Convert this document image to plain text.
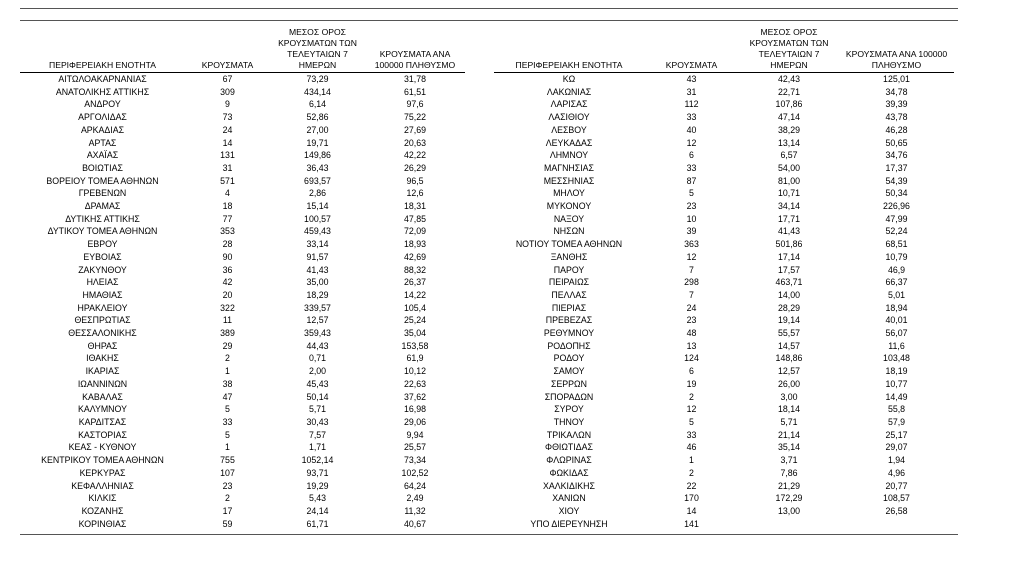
ΠΕΡΙΦΕΡΕΙΑΚΗ ΕΝΟΤΗΤΑ	ΚΡΟΥΣΜΑΤΑ	ΜΕΣΟΣ ΟΡΟΣ ΚΡΟΥΣΜΑΤΩΝ ΤΩΝ ΤΕΛΕΥΤΑΙΩΝ 7 ΗΜΕΡΩΝ	ΚΡΟΥΣΜΑΤΑ ΑΝΑ 100000 ΠΛΗΘΥΣΜΟ
ΑΙΤΩΛΟΑΚΑΡΝΑΝΙΑΣ	67	73,29	31,78
ΑΝΑΤΟΛΙΚΗΣ ΑΤΤΙΚΗΣ	309	434,14	61,51
ΑΝΔΡΟΥ	9	6,14	97,6
ΑΡΓΟΛΙΔΑΣ	73	52,86	75,22
ΑΡΚΑΔΙΑΣ	24	27,00	27,69
ΑΡΤΑΣ	14	19,71	20,63
ΑΧΑΪΑΣ	131	149,86	42,22
ΒΟΙΩΤΙΑΣ	31	36,43	26,29
ΒΟΡΕΙΟΥ ΤΟΜΕΑ ΑΘΗΝΩΝ	571	693,57	96,5
ΓΡΕΒΕΝΩΝ	4	2,86	12,6
ΔΡΑΜΑΣ	18	15,14	18,31
ΔΥΤΙΚΗΣ ΑΤΤΙΚΗΣ	77	100,57	47,85
ΔΥΤΙΚΟΥ ΤΟΜΕΑ ΑΘΗΝΩΝ	353	459,43	72,09
ΕΒΡΟΥ	28	33,14	18,93
ΕΥΒΟΙΑΣ	90	91,57	42,69
ΖΑΚΥΝΘΟΥ	36	41,43	88,32
ΗΛΕΙΑΣ	42	35,00	26,37
ΗΜΑΘΙΑΣ	20	18,29	14,22
ΗΡΑΚΛΕΙΟΥ	322	339,57	105,4
ΘΕΣΠΡΩΤΙΑΣ	11	12,57	25,24
ΘΕΣΣΑΛΟΝΙΚΗΣ	389	359,43	35,04
ΘΗΡΑΣ	29	44,43	153,58
ΙΘΑΚΗΣ	2	0,71	61,9
ΙΚΑΡΙΑΣ	1	2,00	10,12
ΙΩΑΝΝΙΝΩΝ	38	45,43	22,63
ΚΑΒΑΛΑΣ	47	50,14	37,62
ΚΑΛΥΜΝΟΥ	5	5,71	16,98
ΚΑΡΔΙΤΣΑΣ	33	30,43	29,06
ΚΑΣΤΟΡΙΑΣ	5	7,57	9,94
ΚΕΑΣ - ΚΥΘΝΟΥ	1	1,71	25,57
ΚΕΝΤΡΙΚΟΥ ΤΟΜΕΑ ΑΘΗΝΩΝ	755	1052,14	73,34
ΚΕΡΚΥΡΑΣ	107	93,71	102,52
ΚΕΦΑΛΛΗΝΙΑΣ	23	19,29	64,24
ΚΙΛΚΙΣ	2	5,43	2,49
ΚΟΖΑΝΗΣ	17	24,14	11,32
ΚΟΡΙΝΘΙΑΣ	59	61,71	40,67
ΠΕΡΙΦΕΡΕΙΑΚΗ ΕΝΟΤΗΤΑ	ΚΡΟΥΣΜΑΤΑ	ΜΕΣΟΣ ΟΡΟΣ ΚΡΟΥΣΜΑΤΩΝ ΤΩΝ ΤΕΛΕΥΤΑΙΩΝ 7 ΗΜΕΡΩΝ	ΚΡΟΥΣΜΑΤΑ ΑΝΑ 100000 ΠΛΗΘΥΣΜΟ
ΚΩ	43	42,43	125,01
ΛΑΚΩΝΙΑΣ	31	22,71	34,78
ΛΑΡΙΣΑΣ	112	107,86	39,39
ΛΑΣΙΘΙΟΥ	33	47,14	43,78
ΛΕΣΒΟΥ	40	38,29	46,28
ΛΕΥΚΑΔΑΣ	12	13,14	50,65
ΛΗΜΝΟΥ	6	6,57	34,76
ΜΑΓΝΗΣΙΑΣ	33	54,00	17,37
ΜΕΣΣΗΝΙΑΣ	87	81,00	54,39
ΜΗΛΟΥ	5	10,71	50,34
ΜΥΚΟΝΟΥ	23	34,14	226,96
ΝΑΞΟΥ	10	17,71	47,99
ΝΗΣΩΝ	39	41,43	52,24
ΝΟΤΙΟΥ ΤΟΜΕΑ ΑΘΗΝΩΝ	363	501,86	68,51
ΞΑΝΘΗΣ	12	17,14	10,79
ΠΑΡΟΥ	7	17,57	46,9
ΠΕΙΡΑΙΩΣ	298	463,71	66,37
ΠΕΛΛΑΣ	7	14,00	5,01
ΠΙΕΡΙΑΣ	24	28,29	18,94
ΠΡΕΒΕΖΑΣ	23	19,14	40,01
ΡΕΘΥΜΝΟΥ	48	55,57	56,07
ΡΟΔΟΠΗΣ	13	14,57	11,6
ΡΟΔΟΥ	124	148,86	103,48
ΣΑΜΟΥ	6	12,57	18,19
ΣΕΡΡΩΝ	19	26,00	10,77
ΣΠΟΡΑΔΩΝ	2	3,00	14,49
ΣΥΡΟΥ	12	18,14	55,8
ΤΗΝΟΥ	5	5,71	57,9
ΤΡΙΚΑΛΩΝ	33	21,14	25,17
ΦΘΙΩΤΙΔΑΣ	46	35,14	29,07
ΦΛΩΡΙΝΑΣ	1	3,71	1,94
ΦΩΚΙΔΑΣ	2	7,86	4,96
ΧΑΛΚΙΔΙΚΗΣ	22	21,29	20,77
ΧΑΝΙΩΝ	170	172,29	108,57
ΧΙΟΥ	14	13,00	26,58
ΥΠΟ ΔΙΕΡΕΥΝΗΣΗ	141		
